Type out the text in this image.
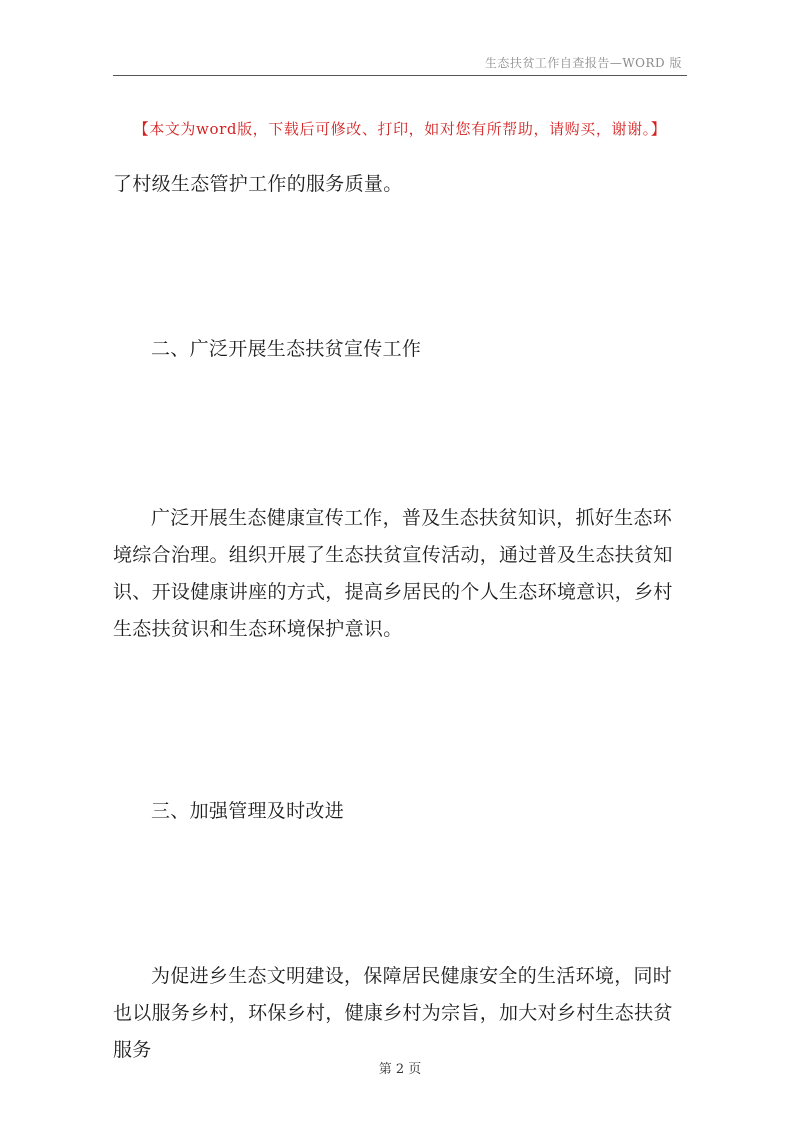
生态扶贫工作自查报告—WORD 版
【本文为word版，下载后可修改、打印，如对您有所帮助，请购买，谢谢。】
了村级生态管护工作的服务质量。
二、广泛开展生态扶贫宣传工作
广泛开展生态健康宣传工作，普及生态扶贫知识，抓好生态环境综合治理。组织开展了生态扶贫宣传活动，通过普及生态扶贫知识、开设健康讲座的方式，提高乡居民的个人生态环境意识，乡村生态扶贫识和生态环境保护意识。
三、加强管理及时改进
为促进乡生态文明建设，保障居民健康安全的生活环境，同时也以服务乡村，环保乡村，健康乡村为宗旨，加大对乡村生态扶贫服务
第 2 页
